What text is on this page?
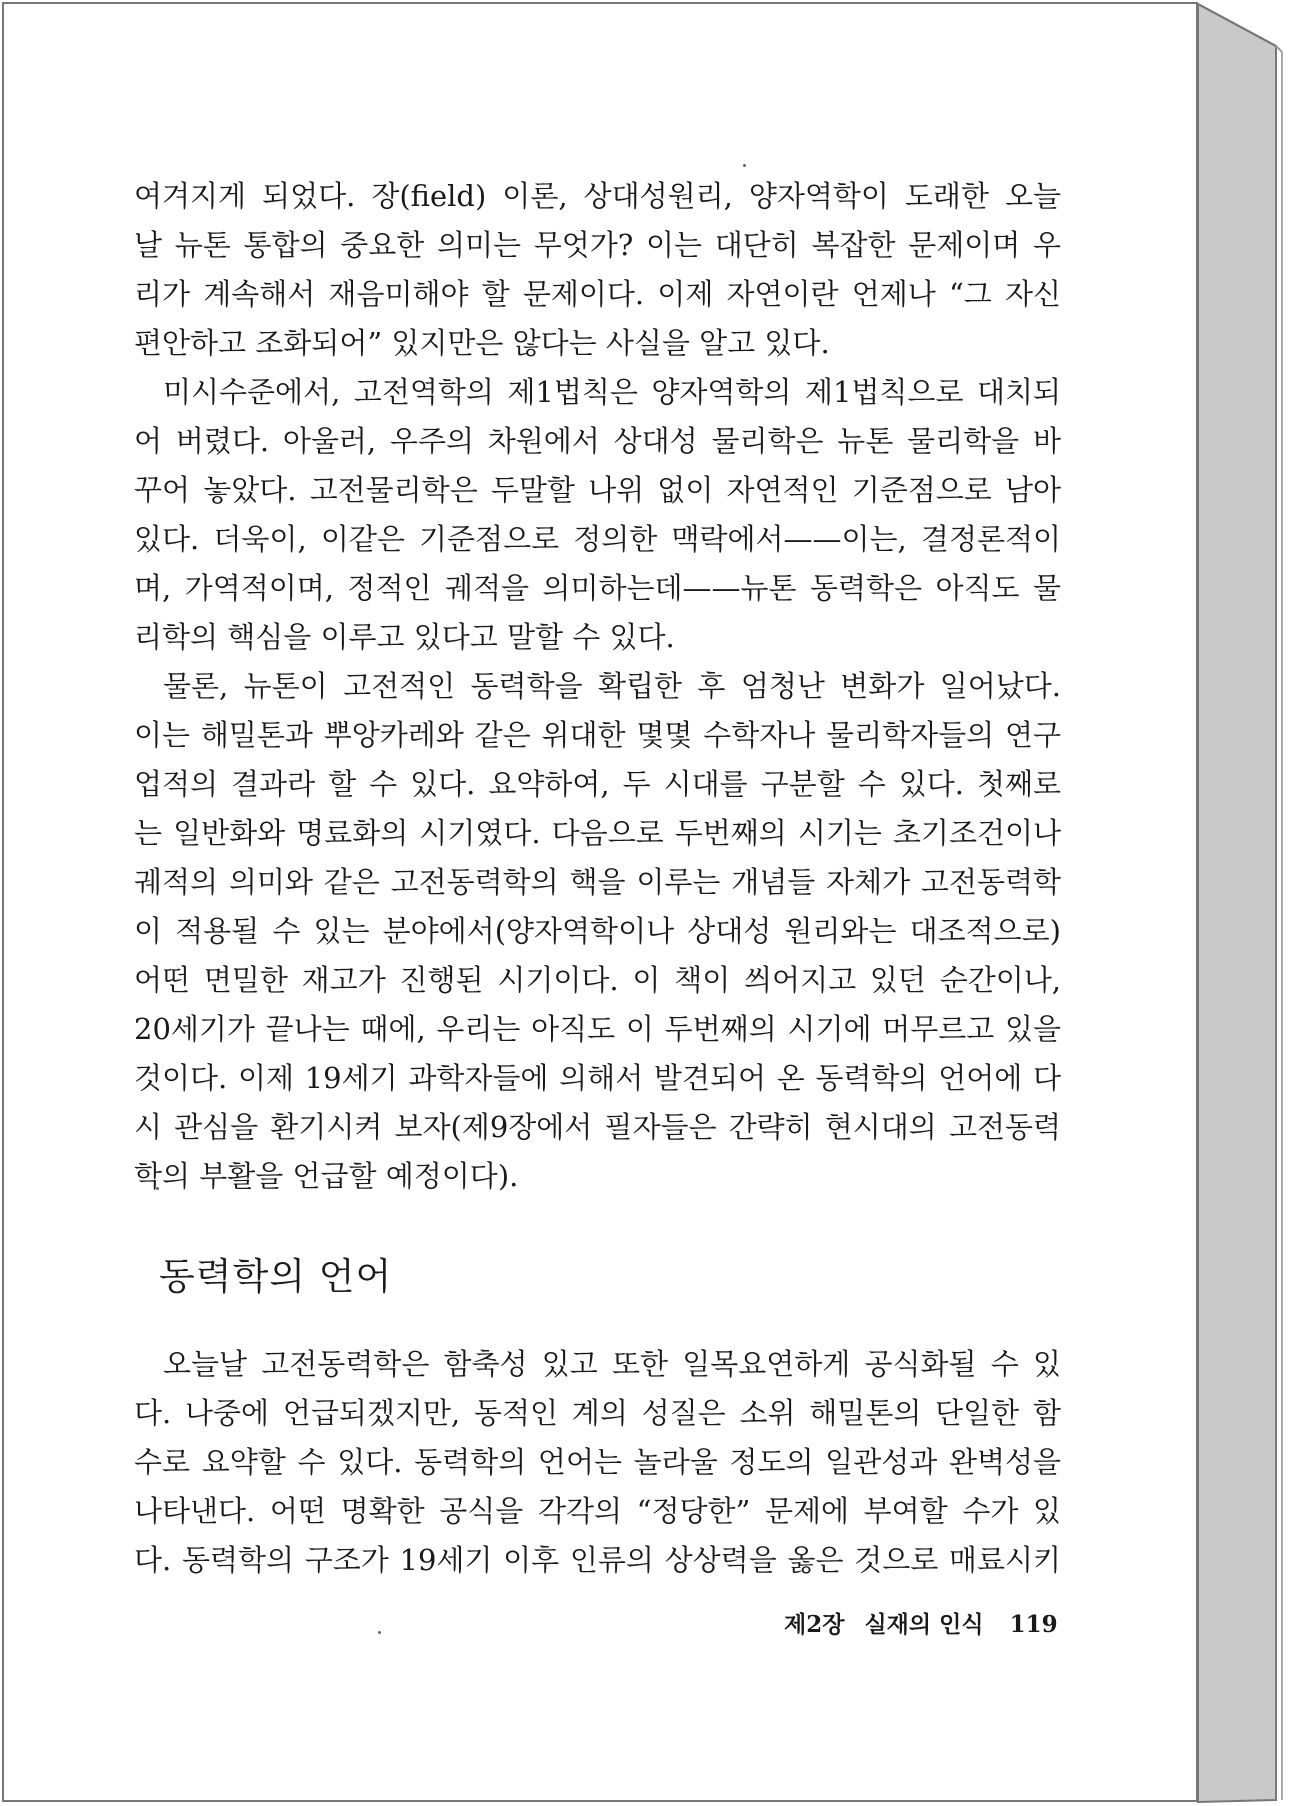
여겨지게 되었다. 장(field) 이론, 상대성원리, 양자역학이 도래한 오늘
날 뉴톤 통합의 중요한 의미는 무엇가? 이는 대단히 복잡한 문제이며 우
리가 계속해서 재음미해야 할 문제이다. 이제 자연이란 언제나 “그 자신
편안하고 조화되어” 있지만은 않다는 사실을 알고 있다.
미시수준에서, 고전역학의 제1법칙은 양자역학의 제1법칙으로 대치되
어 버렸다. 아울러, 우주의 차원에서 상대성 물리학은 뉴톤 물리학을 바
꾸어 놓았다. 고전물리학은 두말할 나위 없이 자연적인 기준점으로 남아
있다. 더욱이, 이같은 기준점으로 정의한 맥락에서——이는, 결정론적이
며, 가역적이며, 정적인 궤적을 의미하는데——뉴톤 동력학은 아직도 물
리학의 핵심을 이루고 있다고 말할 수 있다.
물론, 뉴톤이 고전적인 동력학을 확립한 후 엄청난 변화가 일어났다.
이는 해밀톤과 뿌앙카레와 같은 위대한 몇몇 수학자나 물리학자들의 연구
업적의 결과라 할 수 있다. 요약하여, 두 시대를 구분할 수 있다. 첫째로
는 일반화와 명료화의 시기였다. 다음으로 두번째의 시기는 초기조건이나
궤적의 의미와 같은 고전동력학의 핵을 이루는 개념들 자체가 고전동력학
이 적용될 수 있는 분야에서(양자역학이나 상대성 원리와는 대조적으로)
어떤 면밀한 재고가 진행된 시기이다. 이 책이 씌어지고 있던 순간이나,
20세기가 끝나는 때에, 우리는 아직도 이 두번째의 시기에 머무르고 있을
것이다. 이제 19세기 과학자들에 의해서 발견되어 온 동력학의 언어에 다
시 관심을 환기시켜 보자(제9장에서 필자들은 간략히 현시대의 고전동력
학의 부활을 언급할 예정이다).
동력학의 언어
오늘날 고전동력학은 함축성 있고 또한 일목요연하게 공식화될 수 있
다. 나중에 언급되겠지만, 동적인 계의 성질은 소위 해밀톤의 단일한 함
수로 요약할 수 있다. 동력학의 언어는 놀라울 정도의 일관성과 완벽성을
나타낸다. 어떤 명확한 공식을 각각의 “정당한” 문제에 부여할 수가 있
다. 동력학의 구조가 19세기 이후 인류의 상상력을 옳은 것으로 매료시키
제2장 실재의 인식 119
